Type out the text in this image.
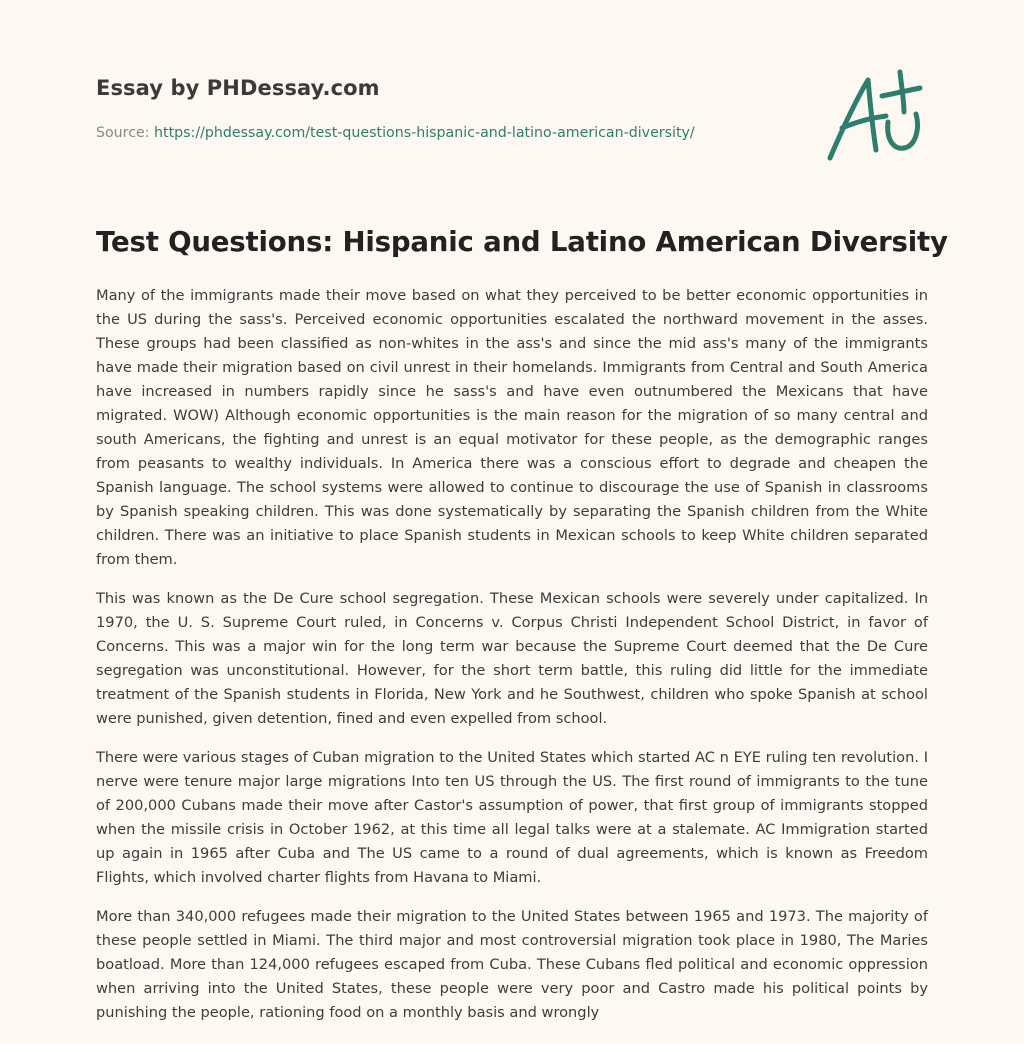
Essay by PHDessay.com
Source: https://phdessay.com/test-questions-hispanic-and-latino-american-diversity/
Test Questions: Hispanic and Latino American Diversity

Many of the immigrants made their move based on what they perceived to be better economic opportunities in the US during the sass's. Perceived economic opportunities escalated the northward movement in the asses. These groups had been classified as non-whites in the ass's and since the mid ass's many of the immigrants have made their migration based on civil unrest in their homelands. Immigrants from Central and South America have increased in numbers rapidly since he sass's and have even outnumbered the Mexicans that have migrated. WOW) Although economic opportunities is the main reason for the migration of so many central and south Americans, the fighting and unrest is an equal motivator for these people, as the demographic ranges from peasants to wealthy individuals. In America there was a conscious effort to degrade and cheapen the Spanish language. The school systems were allowed to continue to discourage the use of Spanish in classrooms by Spanish speaking children. This was done systematically by separating the Spanish children from the White children. There was an initiative to place Spanish students in Mexican schools to keep White children separated from them.

This was known as the De Cure school segregation. These Mexican schools were severely under capitalized. In 1970, the U. S. Supreme Court ruled, in Concerns v. Corpus Christi Independent School District, in favor of Concerns. This was a major win for the long term war because the Supreme Court deemed that the De Cure segregation was unconstitutional. However, for the short term battle, this ruling did little for the immediate treatment of the Spanish students in Florida, New York and he Southwest, children who spoke Spanish at school were punished, given detention, fined and even expelled from school.

There were various stages of Cuban migration to the United States which started AC n EYE ruling ten revolution. I nerve were tenure major large migrations Into ten US through the US. The first round of immigrants to the tune of 200,000 Cubans made their move after Castor's assumption of power, that first group of immigrants stopped when the missile crisis in October 1962, at this time all legal talks were at a stalemate. AC Immigration started up again in 1965 after Cuba and The US came to a round of dual agreements, which is known as Freedom Flights, which involved charter flights from Havana to Miami.

More than 340,000 refugees made their migration to the United States between 1965 and 1973. The majority of these people settled in Miami. The third major and most controversial migration took place in 1980, The Maries boatload. More than 124,000 refugees escaped from Cuba. These Cubans fled political and economic oppression when arriving into the United States, these people were very poor and Castro made his political points by punishing the people, rationing food on a monthly basis and wrongly
